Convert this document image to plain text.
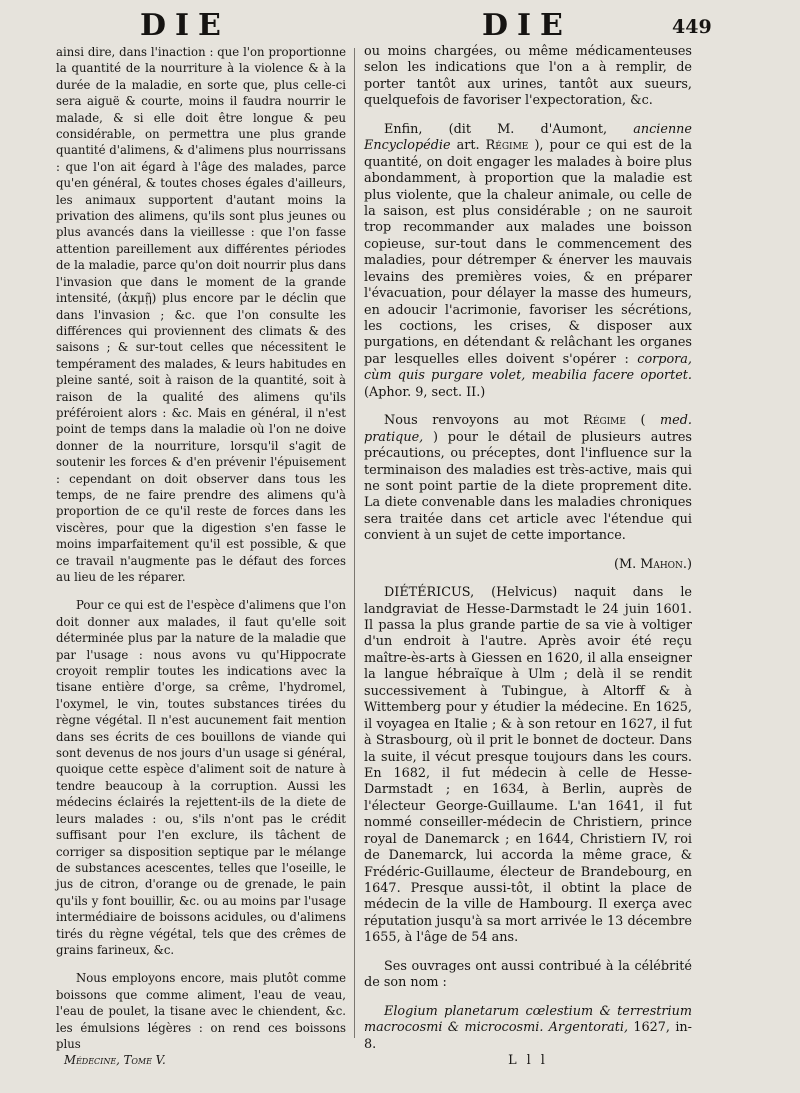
DIE	DIE	449

ainsi dire, dans l'inaction : que l'on proportionne la quantité de la nourriture à la violence & à la durée de la maladie, en sorte que, plus celle-ci sera aiguë & courte, moins il faudra nourrir le malade, & si elle doit être longue & peu considérable, on permettra une plus grande quantité d'alimens, & d'alimens plus nourrissans : que l'on ait égard à l'âge des malades, parce qu'en général, & toutes choses égales d'ailleurs, les animaux supportent d'autant moins la privation des alimens, qu'ils sont plus jeunes ou plus avancés dans la vieillesse : que l'on fasse attention pareillement aux différentes périodes de la maladie, parce qu'on doit nourrir plus dans l'invasion que dans le moment de la grande intensité, (ἀκμῇ) plus encore par le déclin que dans l'invasion ; &c. que l'on consulte les différences qui proviennent des climats & des saisons ; & sur-tout celles que nécessitent le tempérament des malades, & leurs habitudes en pleine santé, soit à raison de la quantité, soit à raison de la qualité des alimens qu'ils préféroient alors : &c. Mais en général, il n'est point de temps dans la maladie où l'on ne doive donner de la nourriture, lorsqu'il s'agit de soutenir les forces & d'en prévenir l'épuisement : cependant on doit observer dans tous les temps, de ne faire prendre des alimens qu'à proportion de ce qu'il reste de forces dans les viscères, pour que la digestion s'en fasse le moins imparfaitement qu'il est possible, & que ce travail n'augmente pas le défaut des forces au lieu de les réparer.

Pour ce qui est de l'espèce d'alimens que l'on doit donner aux malades, il faut qu'elle soit déterminée plus par la nature de la maladie que par l'usage : nous avons vu qu'Hippocrate croyoit remplir toutes les indications avec la tisane entière d'orge, sa crême, l'hydromel, l'oxymel, le vin, toutes substances tirées du règne végétal. Il n'est aucunement fait mention dans ses écrits de ces bouillons de viande qui sont devenus de nos jours d'un usage si général, quoique cette espèce d'aliment soit de nature à tendre beaucoup à la corruption. Aussi les médecins éclairés la rejettent-ils de la diete de leurs malades : ou, s'ils n'ont pas le crédit suffisant pour l'en exclure, ils tâchent de corriger sa disposition septique par le mélange de substances acescentes, telles que l'oseille, le jus de citron, d'orange ou de grenade, le pain qu'ils y font bouillir, &c. ou au moins par l'usage intermédiaire de boissons acidules, ou d'alimens tirés du règne végétal, tels que des crêmes de grains farineux, &c.

Nous employons encore, mais plutôt comme boissons que comme aliment, l'eau de veau, l'eau de poulet, la tisane avec le chiendent, &c. les émulsions légères : on rend ces boissons plus

Médecine, Tome V.

ou moins chargées, ou même médicamenteuses selon les indications que l'on a à remplir, de porter tantôt aux urines, tantôt aux sueurs, quelquefois de favoriser l'expectoration, &c.

Enfin, (dit M. d'Aumont, ancienne Encyclopédie art. Régime ), pour ce qui est de la quantité, on doit engager les malades à boire plus abondamment, à proportion que la maladie est plus violente, que la chaleur animale, ou celle de la saison, est plus considérable ; on ne sauroit trop recommander aux malades une boisson copieuse, sur-tout dans le commencement des maladies, pour détremper & énerver les mauvais levains des premières voies, & en préparer l'évacuation, pour délayer la masse des humeurs, en adoucir l'acrimonie, favoriser les sécrétions, les coctions, les crises, & disposer aux purgations, en détendant & relâchant les organes par lesquelles elles doivent s'opérer : corpora, cùm quis purgare volet, meabilia facere oportet. (Aphor. 9, sect. II.)

Nous renvoyons au mot Régime ( med. pratique, ) pour le détail de plusieurs autres précautions, ou préceptes, dont l'influence sur la terminaison des maladies est très-active, mais qui ne sont point partie de la diete proprement dite. La diete convenable dans les maladies chroniques sera traitée dans cet article avec l'étendue qui convient à un sujet de cette importance.

(M. Mahon.)

DIÉTÉRICUS, (Helvicus) naquit dans le landgraviat de Hesse-Darmstadt le 24 juin 1601. Il passa la plus grande partie de sa vie à voltiger d'un endroit à l'autre. Après avoir été reçu maître-ès-arts à Giessen en 1620, il alla enseigner la langue hébraïque à Ulm ; delà il se rendit successivement à Tubingue, à Altorff & à Wittemberg pour y étudier la médecine. En 1625, il voyagea en Italie ; & à son retour en 1627, il fut à Strasbourg, où il prit le bonnet de docteur. Dans la suite, il vécut presque toujours dans les cours. En 1682, il fut médecin à celle de Hesse-Darmstadt ; en 1634, à Berlin, auprès de l'électeur George-Guillaume. L'an 1641, il fut nommé conseiller-médecin de Christiern, prince royal de Danemarck ; en 1644, Christiern IV, roi de Danemarck, lui accorda la même grace, & Frédéric-Guillaume, électeur de Brandebourg, en 1647. Presque aussi-tôt, il obtint la place de médecin de la ville de Hambourg. Il exerça avec réputation jusqu'à sa mort arrivée le 13 décembre 1655, à l'âge de 54 ans.

Ses ouvrages ont aussi contribué à la célébrité de son nom :

Elogium planetarum cœlestium & terrestrium macrocosmi & microcosmi. Argentorati, 1627, in-8.

L l l
